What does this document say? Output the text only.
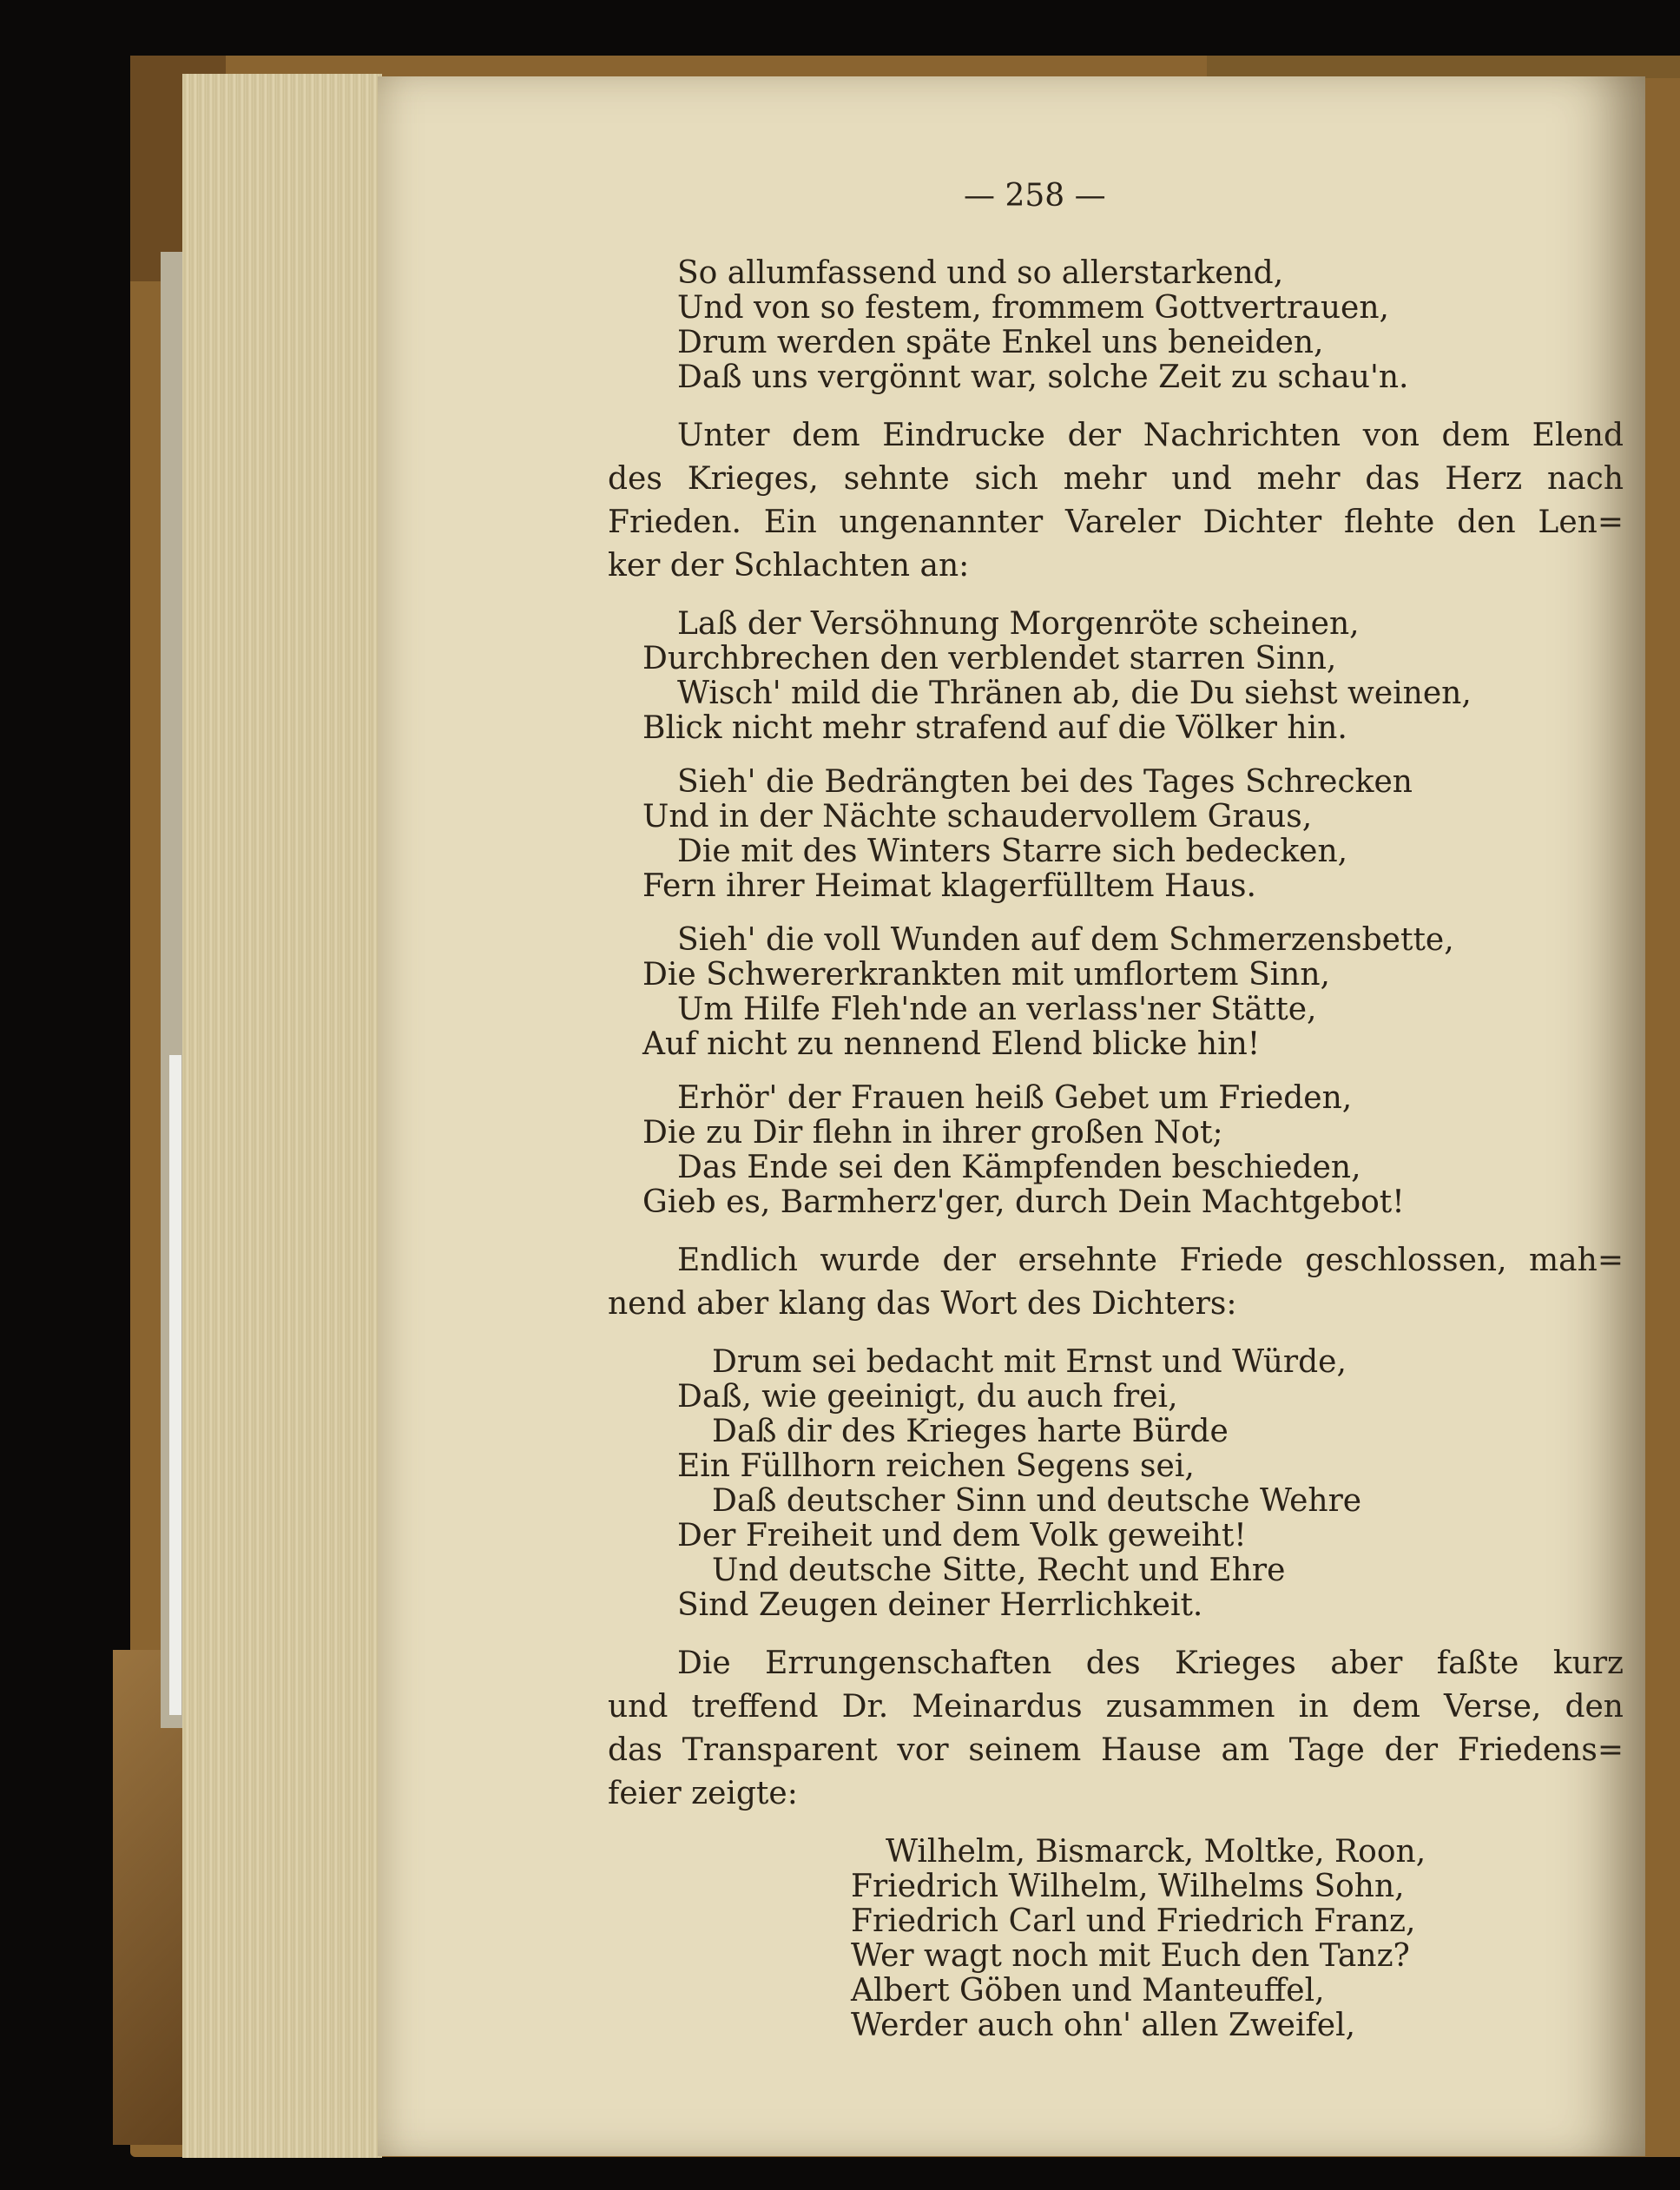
— 258 —
So allumfassend und so allerstarkend,
Und von so festem, frommem Gottvertrauen,
Drum werden späte Enkel uns beneiden,
Daß uns vergönnt war, solche Zeit zu schau'n.
Unter dem Eindrucke der Nachrichten von dem Elend
des Krieges, sehnte sich mehr und mehr das Herz nach
Frieden. Ein ungenannter Vareler Dichter flehte den Len=
ker der Schlachten an:
Laß der Versöhnung Morgenröte scheinen,
Durchbrechen den verblendet starren Sinn,
Wisch' mild die Thränen ab, die Du siehst weinen,
Blick nicht mehr strafend auf die Völker hin.
Sieh' die Bedrängten bei des Tages Schrecken
Und in der Nächte schaudervollem Graus,
Die mit des Winters Starre sich bedecken,
Fern ihrer Heimat klagerfülltem Haus.
Sieh' die voll Wunden auf dem Schmerzensbette,
Die Schwererkrankten mit umflortem Sinn,
Um Hilfe Fleh'nde an verlass'ner Stätte,
Auf nicht zu nennend Elend blicke hin!
Erhör' der Frauen heiß Gebet um Frieden,
Die zu Dir flehn in ihrer großen Not;
Das Ende sei den Kämpfenden beschieden,
Gieb es, Barmherz'ger, durch Dein Machtgebot!
Endlich wurde der ersehnte Friede geschlossen, mah=
nend aber klang das Wort des Dichters:
Drum sei bedacht mit Ernst und Würde,
Daß, wie geeinigt, du auch frei,
Daß dir des Krieges harte Bürde
Ein Füllhorn reichen Segens sei,
Daß deutscher Sinn und deutsche Wehre
Der Freiheit und dem Volk geweiht!
Und deutsche Sitte, Recht und Ehre
Sind Zeugen deiner Herrlichkeit.
Die Errungenschaften des Krieges aber faßte kurz
und treffend Dr. Meinardus zusammen in dem Verse, den
das Transparent vor seinem Hause am Tage der Friedens=
feier zeigte:
Wilhelm, Bismarck, Moltke, Roon,
Friedrich Wilhelm, Wilhelms Sohn,
Friedrich Carl und Friedrich Franz,
Wer wagt noch mit Euch den Tanz?
Albert Göben und Manteuffel,
Werder auch ohn' allen Zweifel,
